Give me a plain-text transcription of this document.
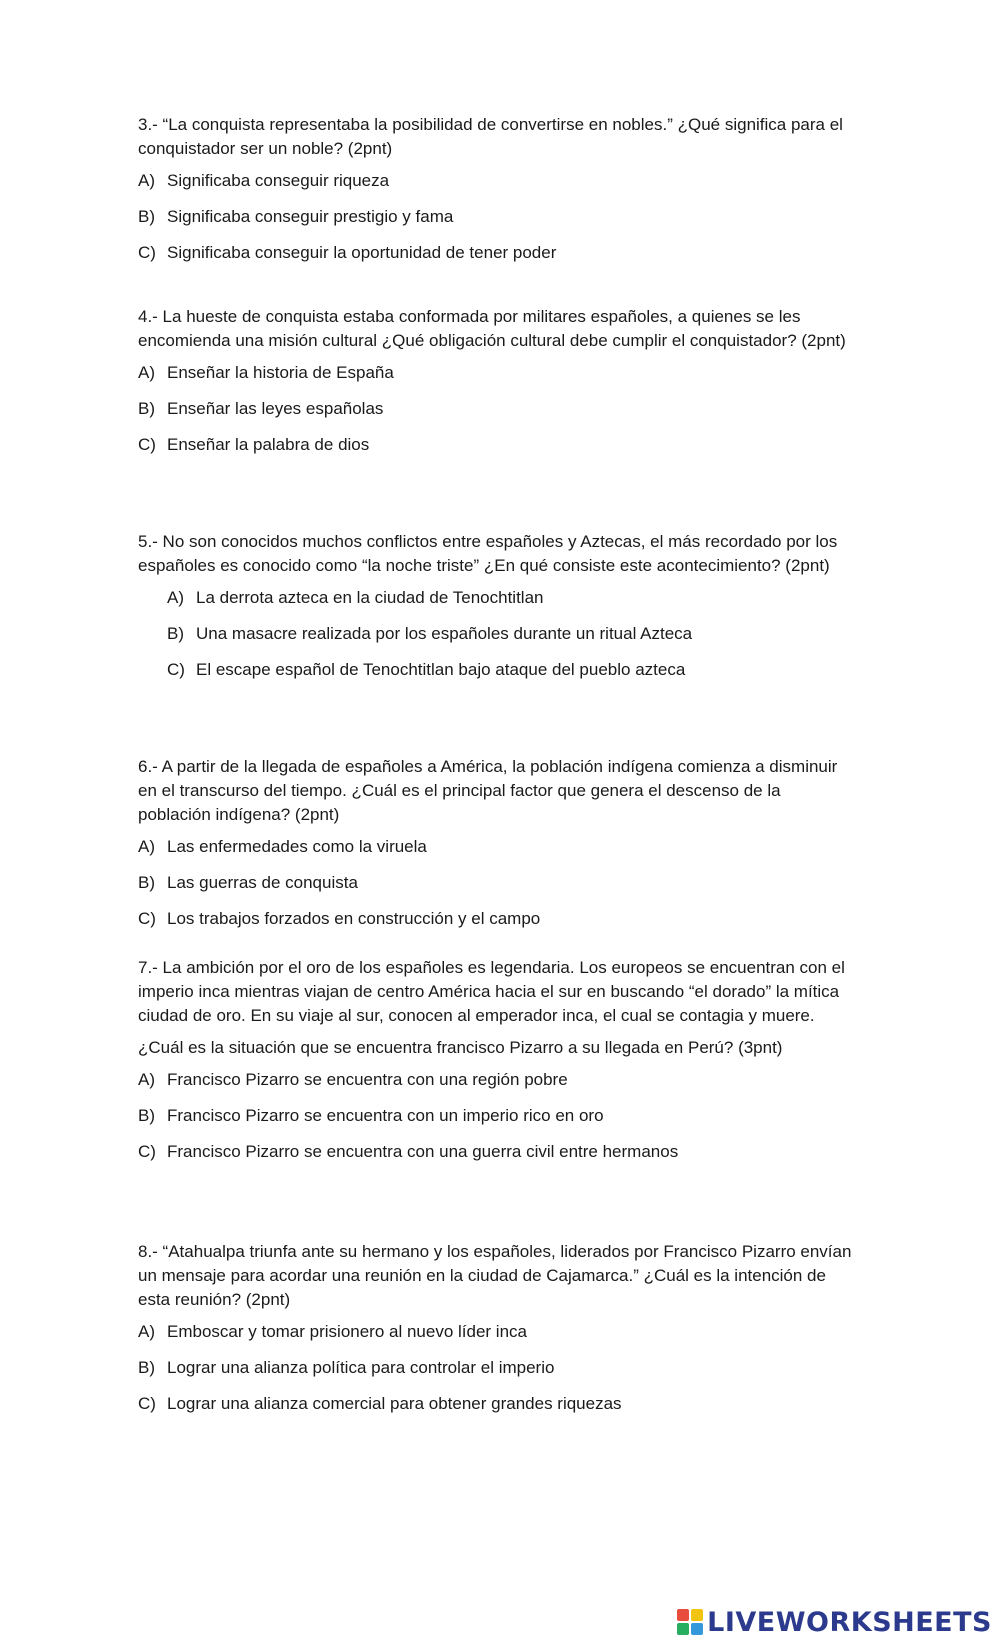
3.- “La conquista representaba la posibilidad de convertirse en nobles.” ¿Qué significa para el conquistador ser un noble? (2pnt)

A) Significaba conseguir riqueza
B) Significaba conseguir prestigio y fama
C) Significaba conseguir la oportunidad de tener poder

4.- La hueste de conquista estaba conformada por militares españoles, a quienes se les encomienda una misión cultural ¿Qué obligación cultural debe cumplir el conquistador? (2pnt)

A) Enseñar la historia de España
B) Enseñar las leyes españolas
C) Enseñar la palabra de dios

5.- No son conocidos muchos conflictos entre españoles y Aztecas, el más recordado por los españoles es conocido como “la noche triste” ¿En qué consiste este acontecimiento? (2pnt)

A) La derrota azteca en la ciudad de Tenochtitlan
B) Una masacre realizada por los españoles durante un ritual Azteca
C) El escape español de Tenochtitlan bajo ataque del pueblo azteca

6.- A partir de la llegada de españoles a América, la población indígena comienza a disminuir en el transcurso del tiempo. ¿Cuál es el principal factor que genera el descenso de la población indígena? (2pnt)

A) Las enfermedades como la viruela
B) Las guerras de conquista
C) Los trabajos forzados en construcción y el campo

7.- La ambición por el oro de los españoles es legendaria. Los europeos se encuentran con el imperio inca mientras viajan de centro América hacia el sur en buscando “el dorado” la mítica ciudad de oro. En su viaje al sur, conocen al emperador inca, el cual se contagia y muere.

¿Cuál es la situación que se encuentra francisco Pizarro a su llegada en Perú? (3pnt)

A) Francisco Pizarro se encuentra con una región pobre
B) Francisco Pizarro se encuentra con un imperio rico en oro
C) Francisco Pizarro se encuentra con una guerra civil entre hermanos

8.- “Atahualpa triunfa ante su hermano y los españoles, liderados por Francisco Pizarro envían un mensaje para acordar una reunión en la ciudad de Cajamarca.” ¿Cuál es la intención de esta reunión? (2pnt)

A) Emboscar y tomar prisionero al nuevo líder inca
B) Lograr una alianza política para controlar el imperio
C) Lograr una alianza comercial para obtener grandes riquezas
LIVEWORKSHEETS
